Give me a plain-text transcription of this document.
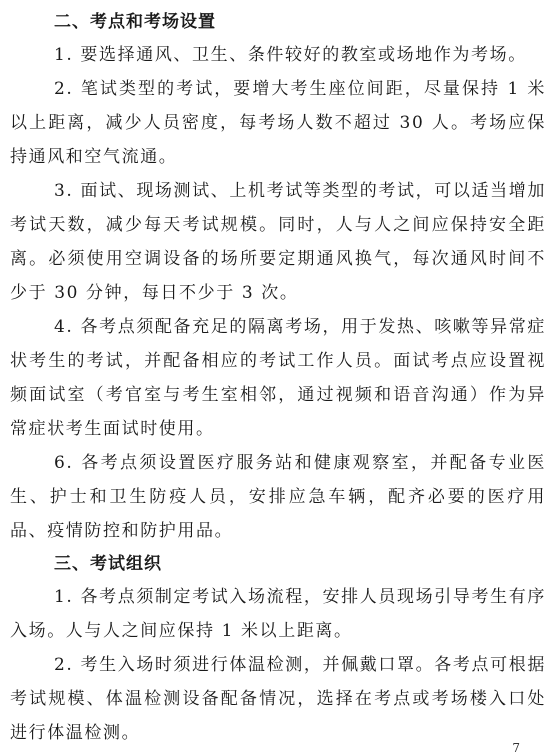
二、考点和考场设置

1. 要选择通风、卫生、条件较好的教室或场地作为考场。

2. 笔试类型的考试，要增大考生座位间距，尽量保持 1 米以上距离，减少人员密度，每考场人数不超过 30 人。考场应保持通风和空气流通。

3. 面试、现场测试、上机考试等类型的考试，可以适当增加考试天数，减少每天考试规模。同时，人与人之间应保持安全距离。必须使用空调设备的场所要定期通风换气，每次通风时间不少于 30 分钟，每日不少于 3 次。

4. 各考点须配备充足的隔离考场，用于发热、咳嗽等异常症状考生的考试，并配备相应的考试工作人员。面试考点应设置视频面试室（考官室与考生室相邻，通过视频和语音沟通）作为异常症状考生面试时使用。

6. 各考点须设置医疗服务站和健康观察室，并配备专业医生、护士和卫生防疫人员，安排应急车辆，配齐必要的医疗用品、疫情防控和防护用品。

三、考试组织

1. 各考点须制定考试入场流程，安排人员现场引导考生有序入场。人与人之间应保持 1 米以上距离。

2. 考生入场时须进行体温检测，并佩戴口罩。各考点可根据考试规模、体温检测设备配备情况，选择在考点或考场楼入口处进行体温检测。

7
